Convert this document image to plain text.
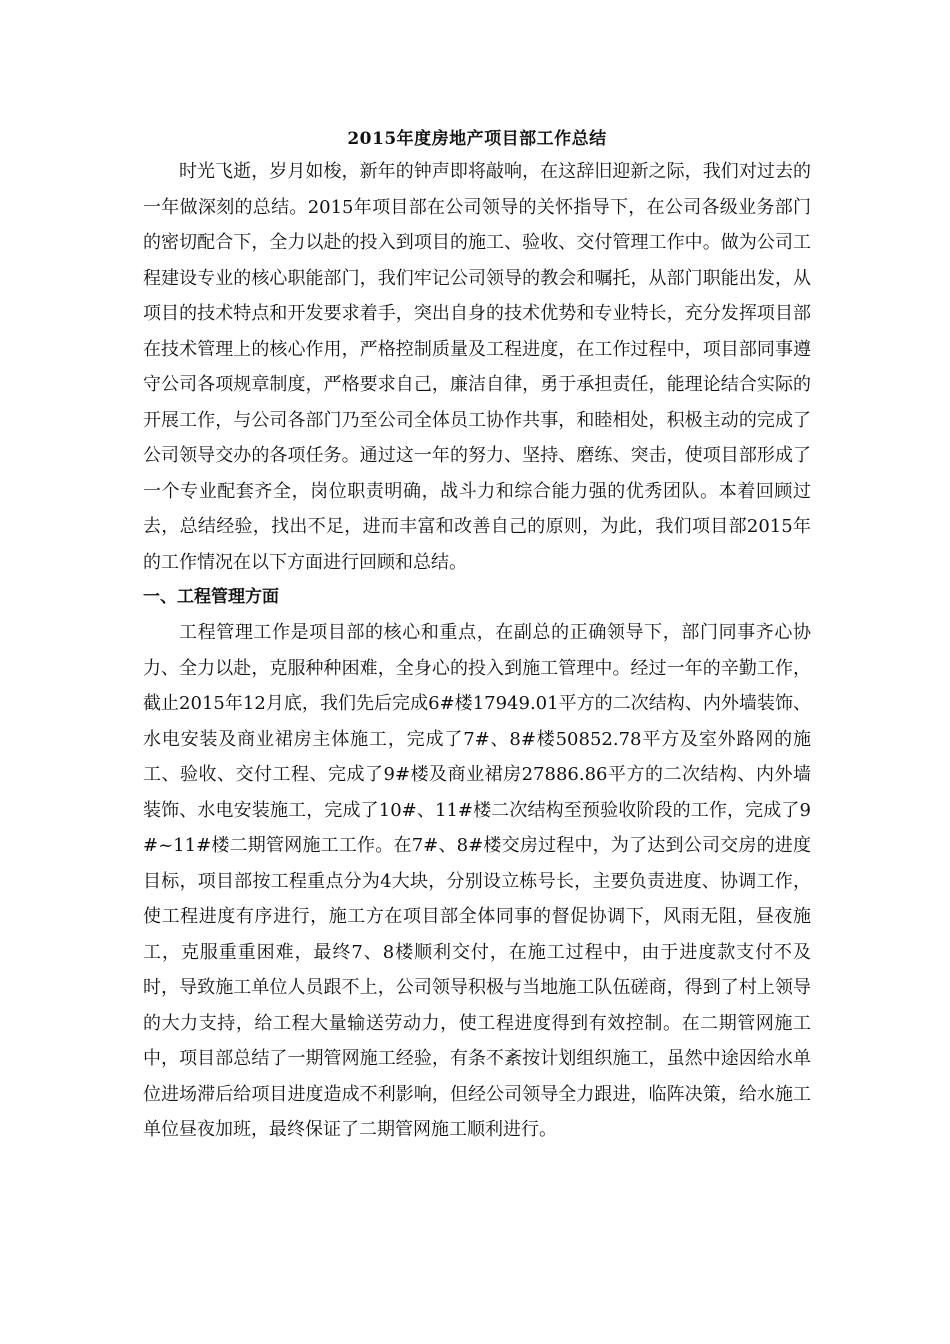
2015年度房地产项目部工作总结

时光飞逝，岁月如梭，新年的钟声即将敲响，在这辞旧迎新之际，我们对过去的一年做深刻的总结。2015年项目部在公司领导的关怀指导下，在公司各级业务部门的密切配合下，全力以赴的投入到项目的施工、验收、交付管理工作中。做为公司工程建设专业的核心职能部门，我们牢记公司领导的教会和嘱托，从部门职能出发，从项目的技术特点和开发要求着手，突出自身的技术优势和专业特长，充分发挥项目部在技术管理上的核心作用，严格控制质量及工程进度，在工作过程中，项目部同事遵守公司各项规章制度，严格要求自己，廉洁自律，勇于承担责任，能理论结合实际的开展工作，与公司各部门乃至公司全体员工协作共事，和睦相处，积极主动的完成了公司领导交办的各项任务。通过这一年的努力、坚持、磨练、突击，使项目部形成了一个专业配套齐全，岗位职责明确，战斗力和综合能力强的优秀团队。本着回顾过去，总结经验，找出不足，进而丰富和改善自己的原则，为此，我们项目部2015年的工作情况在以下方面进行回顾和总结。

一、工程管理方面

工程管理工作是项目部的核心和重点，在副总的正确领导下，部门同事齐心协力、全力以赴，克服种种困难，全身心的投入到施工管理中。经过一年的辛勤工作，截止2015年12月底，我们先后完成6#楼17949.01平方的二次结构、内外墙装饰、水电安装及商业裙房主体施工，完成了7#、8#楼50852.78平方及室外路网的施工、验收、交付工程、完成了9#楼及商业裙房27886.86平方的二次结构、内外墙装饰、水电安装施工，完成了10#、11#楼二次结构至预验收阶段的工作，完成了9#~11#楼二期管网施工工作。在7#、8#楼交房过程中，为了达到公司交房的进度目标，项目部按工程重点分为4大块，分别设立栋号长，主要负责进度、协调工作，使工程进度有序进行，施工方在项目部全体同事的督促协调下，风雨无阻，昼夜施工，克服重重困难，最终7、8楼顺利交付，在施工过程中，由于进度款支付不及时，导致施工单位人员跟不上，公司领导积极与当地施工队伍磋商，得到了村上领导的大力支持，给工程大量输送劳动力，使工程进度得到有效控制。在二期管网施工中，项目部总结了一期管网施工经验，有条不紊按计划组织施工，虽然中途因给水单位进场滞后给项目进度造成不利影响，但经公司领导全力跟进，临阵决策，给水施工单位昼夜加班，最终保证了二期管网施工顺利进行。
